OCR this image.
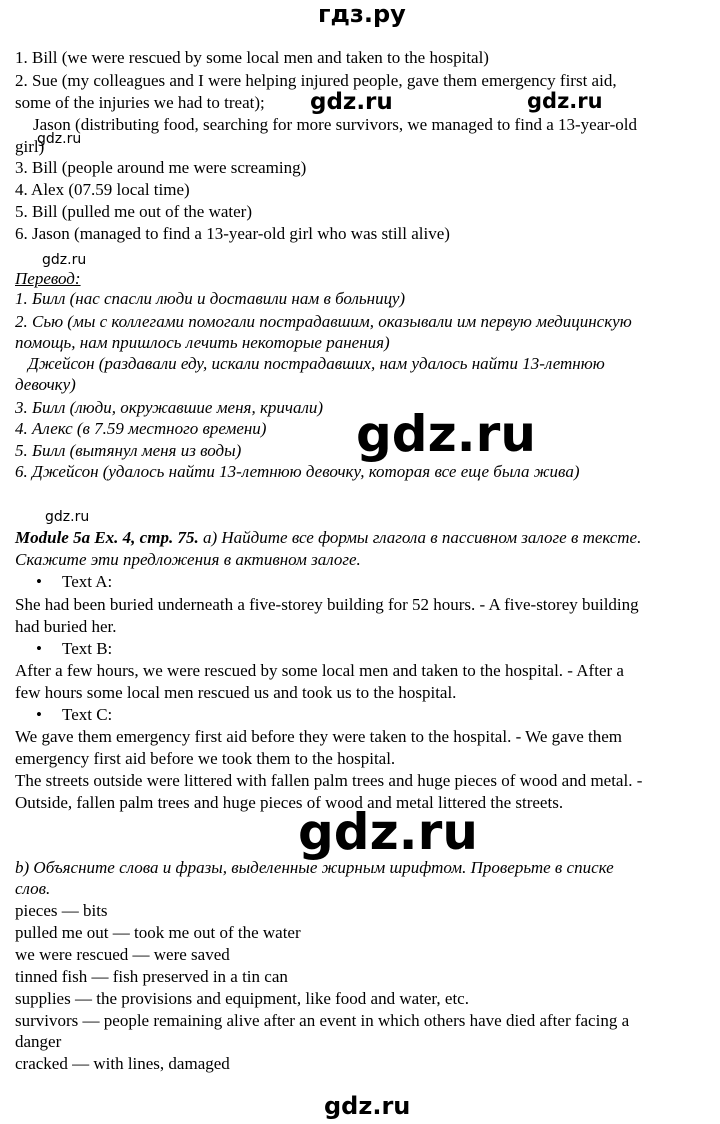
гдз.ру
gdz.ru	gdz.ru
gdz.ru
gdz.ru
gdz.ru
gdz.ru
gdz.ru
gdz.ru
1. Bill (we were rescued by some local men and taken to the hospital)
2. Sue (my colleagues and I were helping injured people, gave them emergency first aid,
some of the injuries we had to treat);
Jason (distributing food, searching for more survivors, we managed to find a 13-year-old
girl)
3. Bill (people around me were screaming)
4. Alex (07.59 local time)
5. Bill (pulled me out of the water)
6. Jason (managed to find a 13-year-old girl who was still alive)
Перевод:
1. Билл (нас спасли люди и доставили нам в больницу)
2. Сью (мы с коллегами помогали пострадавшим, оказывали им первую медицинскую
помощь, нам пришлось лечить некоторые ранения)
Джейсон (раздавали еду, искали пострадавших, нам удалось найти 13-летнюю
девочку)
3. Билл (люди, окружавшие меня, кричали)
4. Алекс (в 7.59 местного времени)
5. Билл (вытянул меня из воды)
6. Джейсон (удалось найти 13-летнюю девочку, которая все еще была жива)
Module 5a Ex. 4, стр. 75. a) Найдите все формы глагола в пассивном залоге в тексте.
Скажите эти предложения в активном залоге.
• Text A:
She had been buried underneath a five-storey building for 52 hours. - A five-storey building
had buried her.
• Text B:
After a few hours, we were rescued by some local men and taken to the hospital. - After a
few hours some local men rescued us and took us to the hospital.
• Text C:
We gave them emergency first aid before they were taken to the hospital. - We gave them
emergency first aid before we took them to the hospital.
The streets outside were littered with fallen palm trees and huge pieces of wood and metal. -
Outside, fallen palm trees and huge pieces of wood and metal littered the streets.
b) Объясните слова и фразы, выделенные жирным шрифтом. Проверьте в списке
слов.
pieces — bits
pulled me out — took me out of the water
we were rescued — were saved
tinned fish — fish preserved in a tin can
supplies — the provisions and equipment, like food and water, etc.
survivors — people remaining alive after an event in which others have died after facing a
danger
cracked — with lines, damaged
